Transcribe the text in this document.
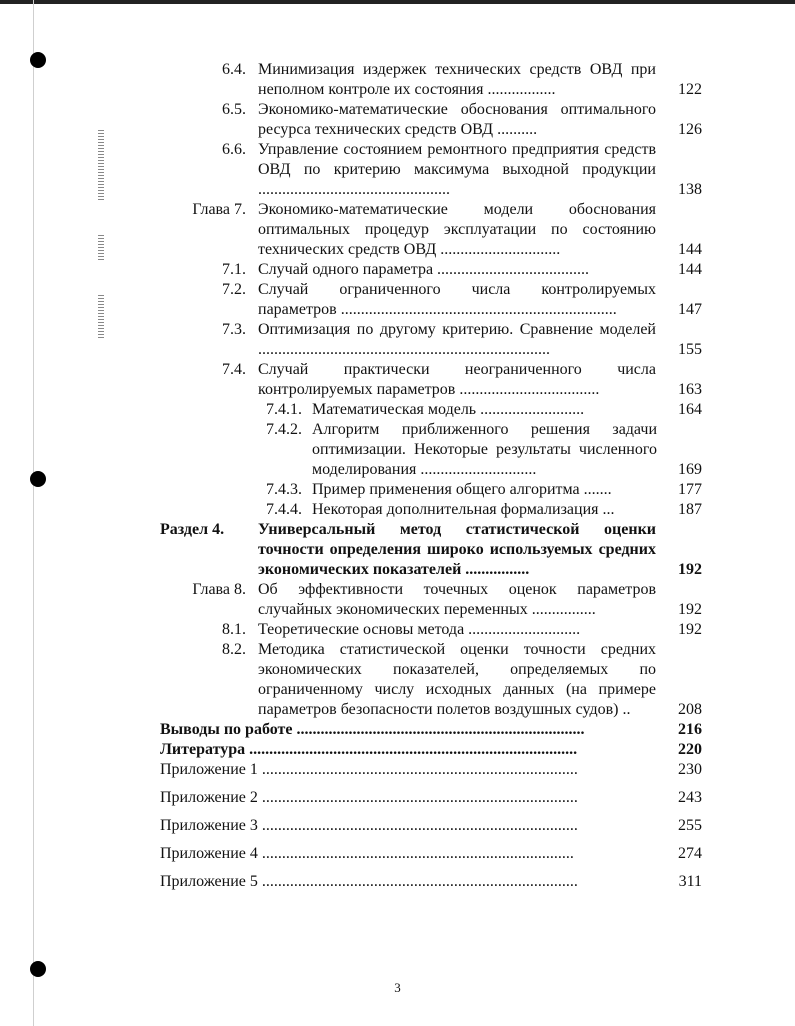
6.4. Минимизация издержек технических средств ОВД при неполном контроле их состояния .................	122
6.5. Экономико-математические обоснования оптимального ресурса технических средств ОВД ..........	126
6.6. Управление состоянием ремонтного предприятия средств ОВД по критерию максимума выходной продукции ................................................	138
Глава 7. Экономико-математические модели обоснования оптимальных процедур эксплуатации по состоянию технических средств ОВД ..............................	144
7.1. Случай одного параметра ......................................	144
7.2. Случай ограниченного числа контролируемых параметров .....................................................................	147
7.3. Оптимизация по другому критерию. Сравнение моделей .........................................................................	155
7.4. Случай практически неограниченного числа контролируемых параметров ...................................	163
7.4.1. Математическая модель ..........................	164
7.4.2. Алгоритм приближенного решения задачи оптимизации. Некоторые результаты численного моделирования .............................	169
7.4.3. Пример применения общего алгоритма .......	177
7.4.4. Некоторая дополнительная формализация ...	187
Раздел 4.	Универсальный метод статистической оценки точности определения широко используемых средних экономических показателей ................	192
Глава 8. Об эффективности точечных оценок параметров случайных экономических переменных ................	192
8.1. Теоретические основы метода ............................	192
8.2. Методика статистической оценки точности средних экономических показателей, определяемых по ограниченному числу исходных данных (на примере параметров безопасности полетов воздушных судов) ..	208
Выводы по работе ........................................................................	216
Литература ..................................................................................	220
Приложение 1 ...............................................................................	230
Приложение 2 ...............................................................................	243
Приложение 3 ...............................................................................	255
Приложение 4 ..............................................................................	274
Приложение 5 ...............................................................................	311
3
